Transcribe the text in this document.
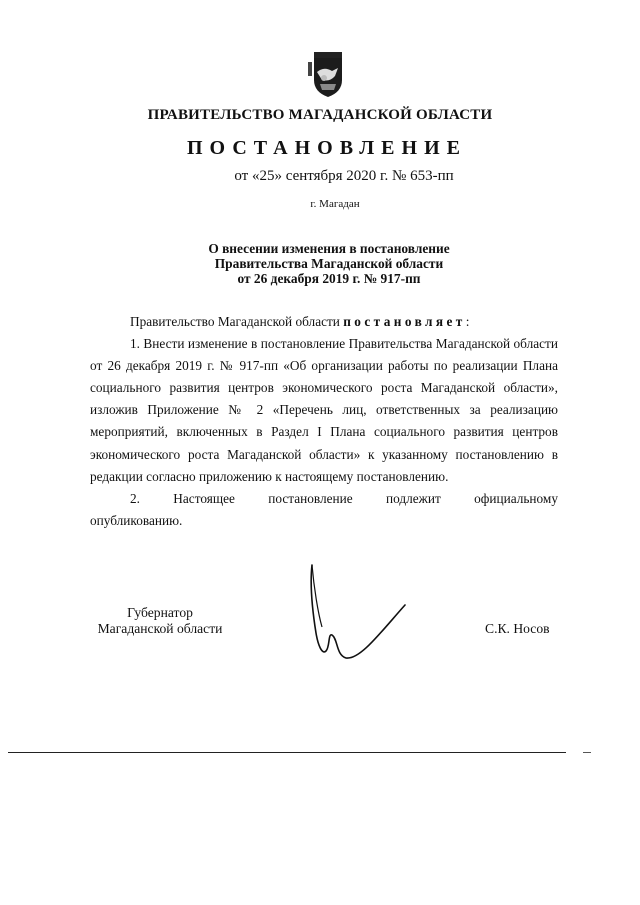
ПРАВИТЕЛЬСТВО МАГАДАНСКОЙ ОБЛАСТИ
ПОСТАНОВЛЕНИЕ
от «25» сентября 2020 г. № 653-пп
г. Магадан
О внесении изменения в постановление
Правительства Магаданской области
от 26 декабря 2019 г. № 917-пп

Правительство Магаданской области постановляет:

1. Внести изменение в постановление Правительства Магаданской области от 26 декабря 2019 г. № 917-пп «Об организации работы по реализации Плана социального развития центров экономического роста Магаданской области», изложив Приложение № 2 «Перечень лиц, ответственных за реализацию мероприятий, включенных в Раздел I Плана социального развития центров экономического роста Магаданской области» к указанному постановлению в редакции согласно приложению к настоящему постановлению.

2.	Настоящее	постановление	подлежит	официальному

опубликованию.

Губернатор
Магаданской области	С.К. Носов
